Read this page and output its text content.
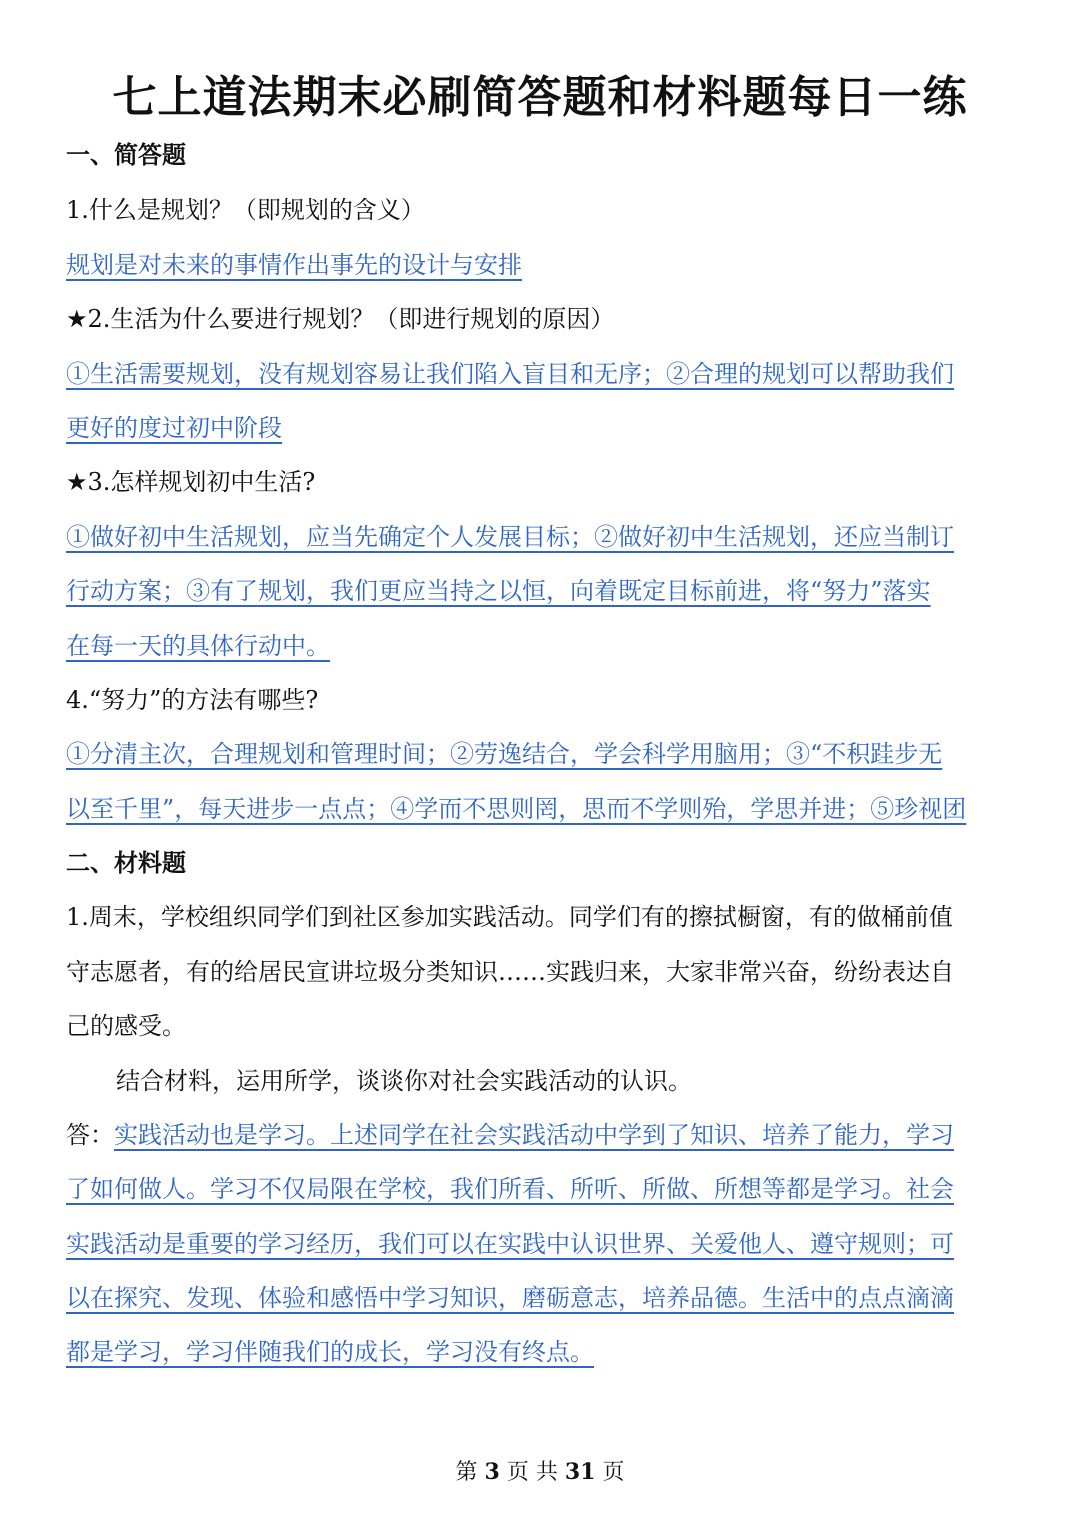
七上道法期末必刷简答题和材料题每日一练
一、简答题
1.什么是规划？（即规划的含义）
规划是对未来的事情作出事先的设计与安排
★2.生活为什么要进行规划？（即进行规划的原因）
①生活需要规划，没有规划容易让我们陷入盲目和无序；②合理的规划可以帮助我们
更好的度过初中阶段
★3.怎样规划初中生活?
①做好初中生活规划，应当先确定个人发展目标；②做好初中生活规划，还应当制订
行动方案；③有了规划，我们更应当持之以恒，向着既定目标前进，将“努力”落实
在每一天的具体行动中。
4.“努力”的方法有哪些?
①分清主次，合理规划和管理时间；②劳逸结合，学会科学用脑用；③“不积跬步无
以至千里”，每天进步一点点；④学而不思则罔，思而不学则殆，学思并进；⑤珍视团
二、材料题
1.周末，学校组织同学们到社区参加实践活动。同学们有的擦拭橱窗，有的做桶前值
守志愿者，有的给居民宣讲垃圾分类知识……实践归来，大家非常兴奋，纷纷表达自
己的感受。
结合材料，运用所学，谈谈你对社会实践活动的认识。
答：实践活动也是学习。上述同学在社会实践活动中学到了知识、培养了能力，学习
了如何做人。学习不仅局限在学校，我们所看、所听、所做、所想等都是学习。社会
实践活动是重要的学习经历，我们可以在实践中认识世界、关爱他人、遵守规则；可
以在探究、发现、体验和感悟中学习知识，磨砺意志，培养品德。生活中的点点滴滴
都是学习，学习伴随我们的成长，学习没有终点。
第 3 页 共 31 页
